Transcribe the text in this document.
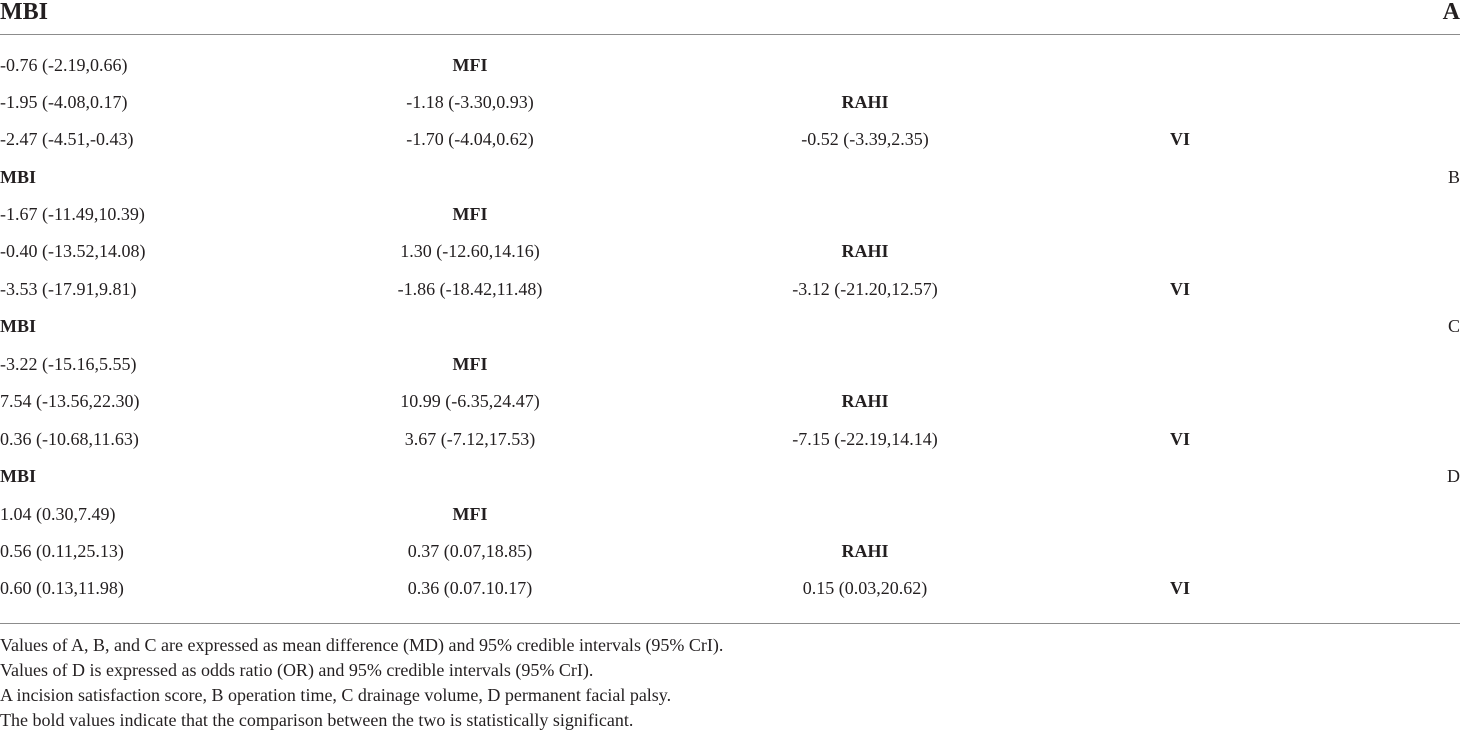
MBI	A
-0.76 (-2.19,0.66)	MFI
-1.95 (-4.08,0.17)	-1.18 (-3.30,0.93)	RAHI
-2.47 (-4.51,-0.43)	-1.70 (-4.04,0.62)	-0.52 (-3.39,2.35)	VI
MBI	B
-1.67 (-11.49,10.39)	MFI
-0.40 (-13.52,14.08)	1.30 (-12.60,14.16)	RAHI
-3.53 (-17.91,9.81)	-1.86 (-18.42,11.48)	-3.12 (-21.20,12.57)	VI
MBI	C
-3.22 (-15.16,5.55)	MFI
7.54 (-13.56,22.30)	10.99 (-6.35,24.47)	RAHI
0.36 (-10.68,11.63)	3.67 (-7.12,17.53)	-7.15 (-22.19,14.14)	VI
MBI	D
1.04 (0.30,7.49)	MFI
0.56 (0.11,25.13)	0.37 (0.07,18.85)	RAHI
0.60 (0.13,11.98)	0.36 (0.07.10.17)	0.15 (0.03,20.62)	VI
Values of A, B, and C are expressed as mean difference (MD) and 95% credible intervals (95% CrI).
Values of D is expressed as odds ratio (OR) and 95% credible intervals (95% CrI).
A incision satisfaction score, B operation time, C drainage volume, D permanent facial palsy.
The bold values indicate that the comparison between the two is statistically significant.
